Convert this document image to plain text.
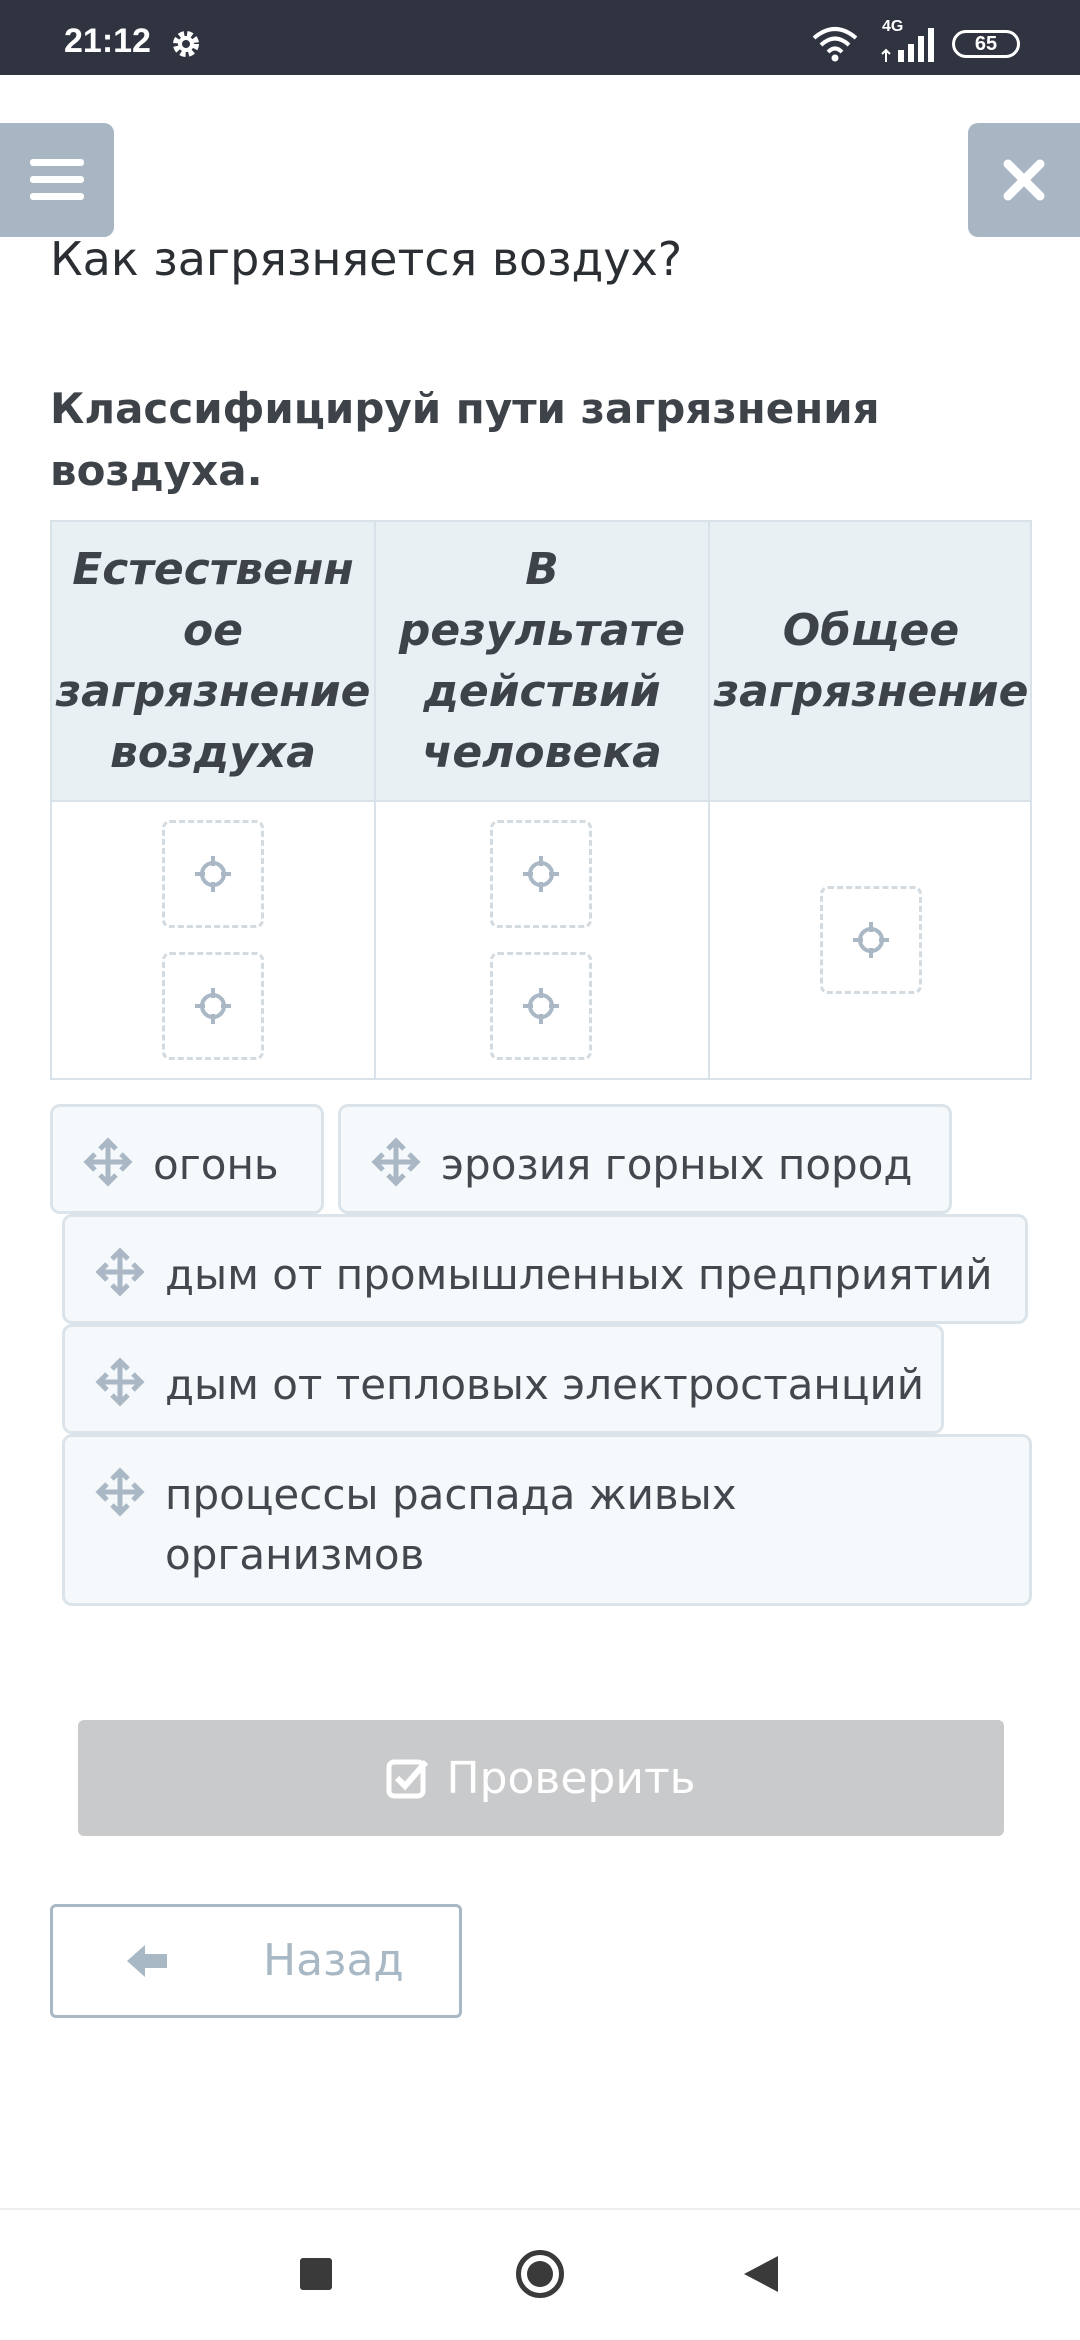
21:12	4G
65
Как загрязняется воздух?
Классифицируй пути загрязнения воздуха.
Естественн ое загрязнение воздуха
В результате действий человека
Общее загрязнение
огонь	эрозия горных пород
дым от промышленных предприятий
дым от тепловых электростанций
процессы распада живых организмов
Проверить
Назад
